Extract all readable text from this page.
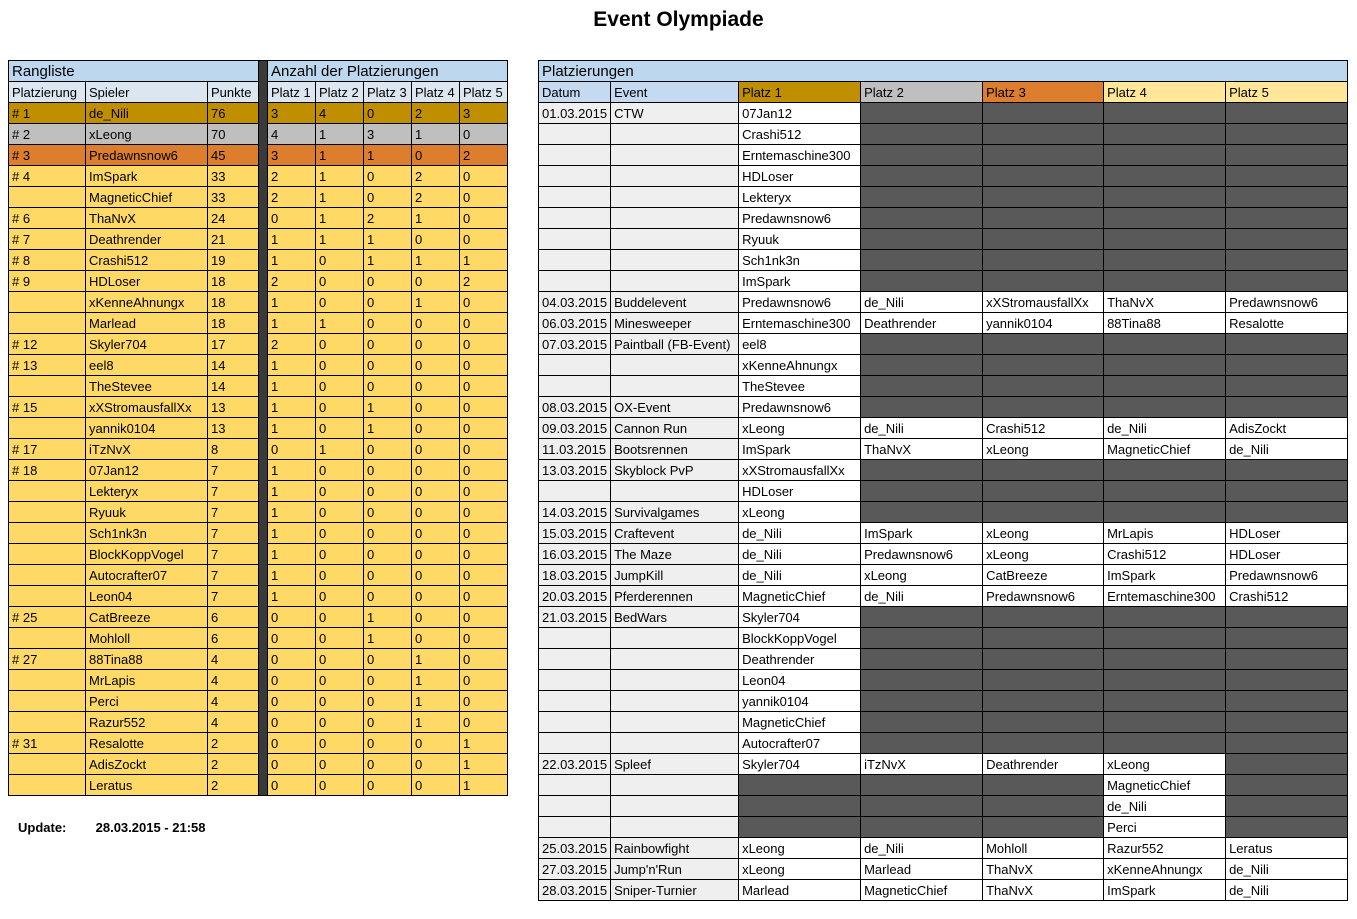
Event Olympiade
Rangliste				Anzahl der Platzierungen				
Platzierung	Spieler	Punkte		Platz 1	Platz 2	Platz 3	Platz 4	Platz 5
# 1	de_Nili	76		3	4	0	2	3
# 2	xLeong	70		4	1	3	1	0
# 3	Predawnsnow6	45		3	1	1	0	2
# 4	ImSpark	33		2	1	0	2	0
	MagneticChief	33		2	1	0	2	0
# 6	ThaNvX	24		0	1	2	1	0
# 7	Deathrender	21		1	1	1	0	0
# 8	Crashi512	19		1	0	1	1	1
# 9	HDLoser	18		2	0	0	0	2
	xKenneAhnungx	18		1	0	0	1	0
	Marlead	18		1	1	0	0	0
# 12	Skyler704	17		2	0	0	0	0
# 13	eel8	14		1	0	0	0	0
	TheStevee	14		1	0	0	0	0
# 15	xXStromausfallXx	13		1	0	1	0	0
	yannik0104	13		1	0	1	0	0
# 17	iTzNvX	8		0	1	0	0	0
# 18	07Jan12	7		1	0	0	0	0
	Lekteryx	7		1	0	0	0	0
	Ryuuk	7		1	0	0	0	0
	Sch1nk3n	7		1	0	0	0	0
	BlockKoppVogel	7		1	0	0	0	0
	Autocrafter07	7		1	0	0	0	0
	Leon04	7		1	0	0	0	0
# 25	CatBreeze	6		0	0	1	0	0
	Mohloll	6		0	0	1	0	0
# 27	88Tina88	4		0	0	0	1	0
	MrLapis	4		0	0	0	1	0
	Perci	4		0	0	0	1	0
	Razur552	4		0	0	0	1	0
# 31	Resalotte	2		0	0	0	0	1
	AdisZockt	2		0	0	0	0	1
	Leratus	2		0	0	0	0	1
Platzierungen						
Datum	Event	Platz 1	Platz 2	Platz 3	Platz 4	Platz 5
01.03.2015	CTW	07Jan12				
		Crashi512				
		Erntemaschine300				
		HDLoser				
		Lekteryx				
		Predawnsnow6				
		Ryuuk				
		Sch1nk3n				
		ImSpark				
04.03.2015	Buddelevent	Predawnsnow6	de_Nili	xXStromausfallXx	ThaNvX	Predawnsnow6
06.03.2015	Minesweeper	Erntemaschine300	Deathrender	yannik0104	88Tina88	Resalotte
07.03.2015	Paintball (FB-Event)	eel8				
		xKenneAhnungx				
		TheStevee				
08.03.2015	OX-Event	Predawnsnow6				
09.03.2015	Cannon Run	xLeong	de_Nili	Crashi512	de_Nili	AdisZockt
11.03.2015	Bootsrennen	ImSpark	ThaNvX	xLeong	MagneticChief	de_Nili
13.03.2015	Skyblock PvP	xXStromausfallXx				
		HDLoser				
14.03.2015	Survivalgames	xLeong				
15.03.2015	Craftevent	de_Nili	ImSpark	xLeong	MrLapis	HDLoser
16.03.2015	The Maze	de_Nili	Predawnsnow6	xLeong	Crashi512	HDLoser
18.03.2015	JumpKill	de_Nili	xLeong	CatBreeze	ImSpark	Predawnsnow6
20.03.2015	Pferderennen	MagneticChief	de_Nili	Predawnsnow6	Erntemaschine300	Crashi512
21.03.2015	BedWars	Skyler704				
		BlockKoppVogel				
		Deathrender				
		Leon04				
		yannik0104				
		MagneticChief				
		Autocrafter07				
22.03.2015	Spleef	Skyler704	iTzNvX	Deathrender	xLeong	
					MagneticChief	
					de_Nili	
					Perci	
25.03.2015	Rainbowfight	xLeong	de_Nili	Mohloll	Razur552	Leratus
27.03.2015	Jump'n'Run	xLeong	Marlead	ThaNvX	xKenneAhnungx	de_Nili
28.03.2015	Sniper-Turnier	Marlead	MagneticChief	ThaNvX	ImSpark	de_Nili
Update: 28.03.2015 - 21:58
